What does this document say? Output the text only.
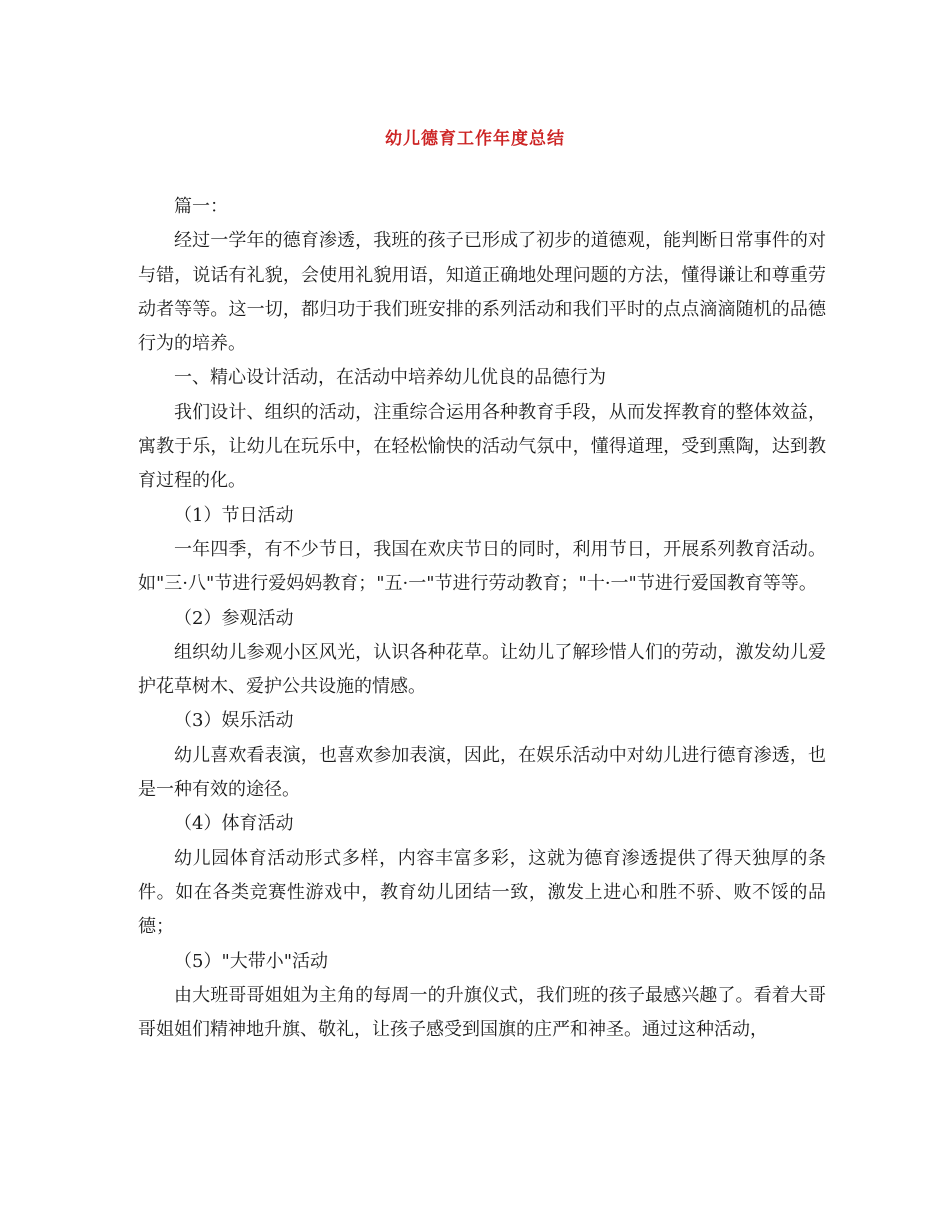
幼儿德育工作年度总结

篇一：

经过一学年的德育渗透，我班的孩子已形成了初步的道德观，能判断日常事件的对与错，说话有礼貌，会使用礼貌用语，知道正确地处理问题的方法，懂得谦让和尊重劳动者等等。这一切，都归功于我们班安排的系列活动和我们平时的点点滴滴随机的品德行为的培养。

一、精心设计活动，在活动中培养幼儿优良的品德行为

我们设计、组织的活动，注重综合运用各种教育手段，从而发挥教育的整体效益，寓教于乐，让幼儿在玩乐中，在轻松愉快的活动气氛中，懂得道理，受到熏陶，达到教育过程的化。

（1）节日活动

一年四季，有不少节日，我国在欢庆节日的同时，利用节日，开展系列教育活动。如"三·八"节进行爱妈妈教育；"五·一"节进行劳动教育；"十·一"节进行爱国教育等等。

（2）参观活动

组织幼儿参观小区风光，认识各种花草。让幼儿了解珍惜人们的劳动，激发幼儿爱护花草树木、爱护公共设施的情感。

（3）娱乐活动

幼儿喜欢看表演，也喜欢参加表演，因此，在娱乐活动中对幼儿进行德育渗透，也是一种有效的途径。

（4）体育活动

幼儿园体育活动形式多样，内容丰富多彩，这就为德育渗透提供了得天独厚的条件。如在各类竞赛性游戏中，教育幼儿团结一致，激发上进心和胜不骄、败不馁的品德；

（5）"大带小"活动

由大班哥哥姐姐为主角的每周一的升旗仪式，我们班的孩子最感兴趣了。看着大哥哥姐姐们精神地升旗、敬礼，让孩子感受到国旗的庄严和神圣。通过这种活动，
